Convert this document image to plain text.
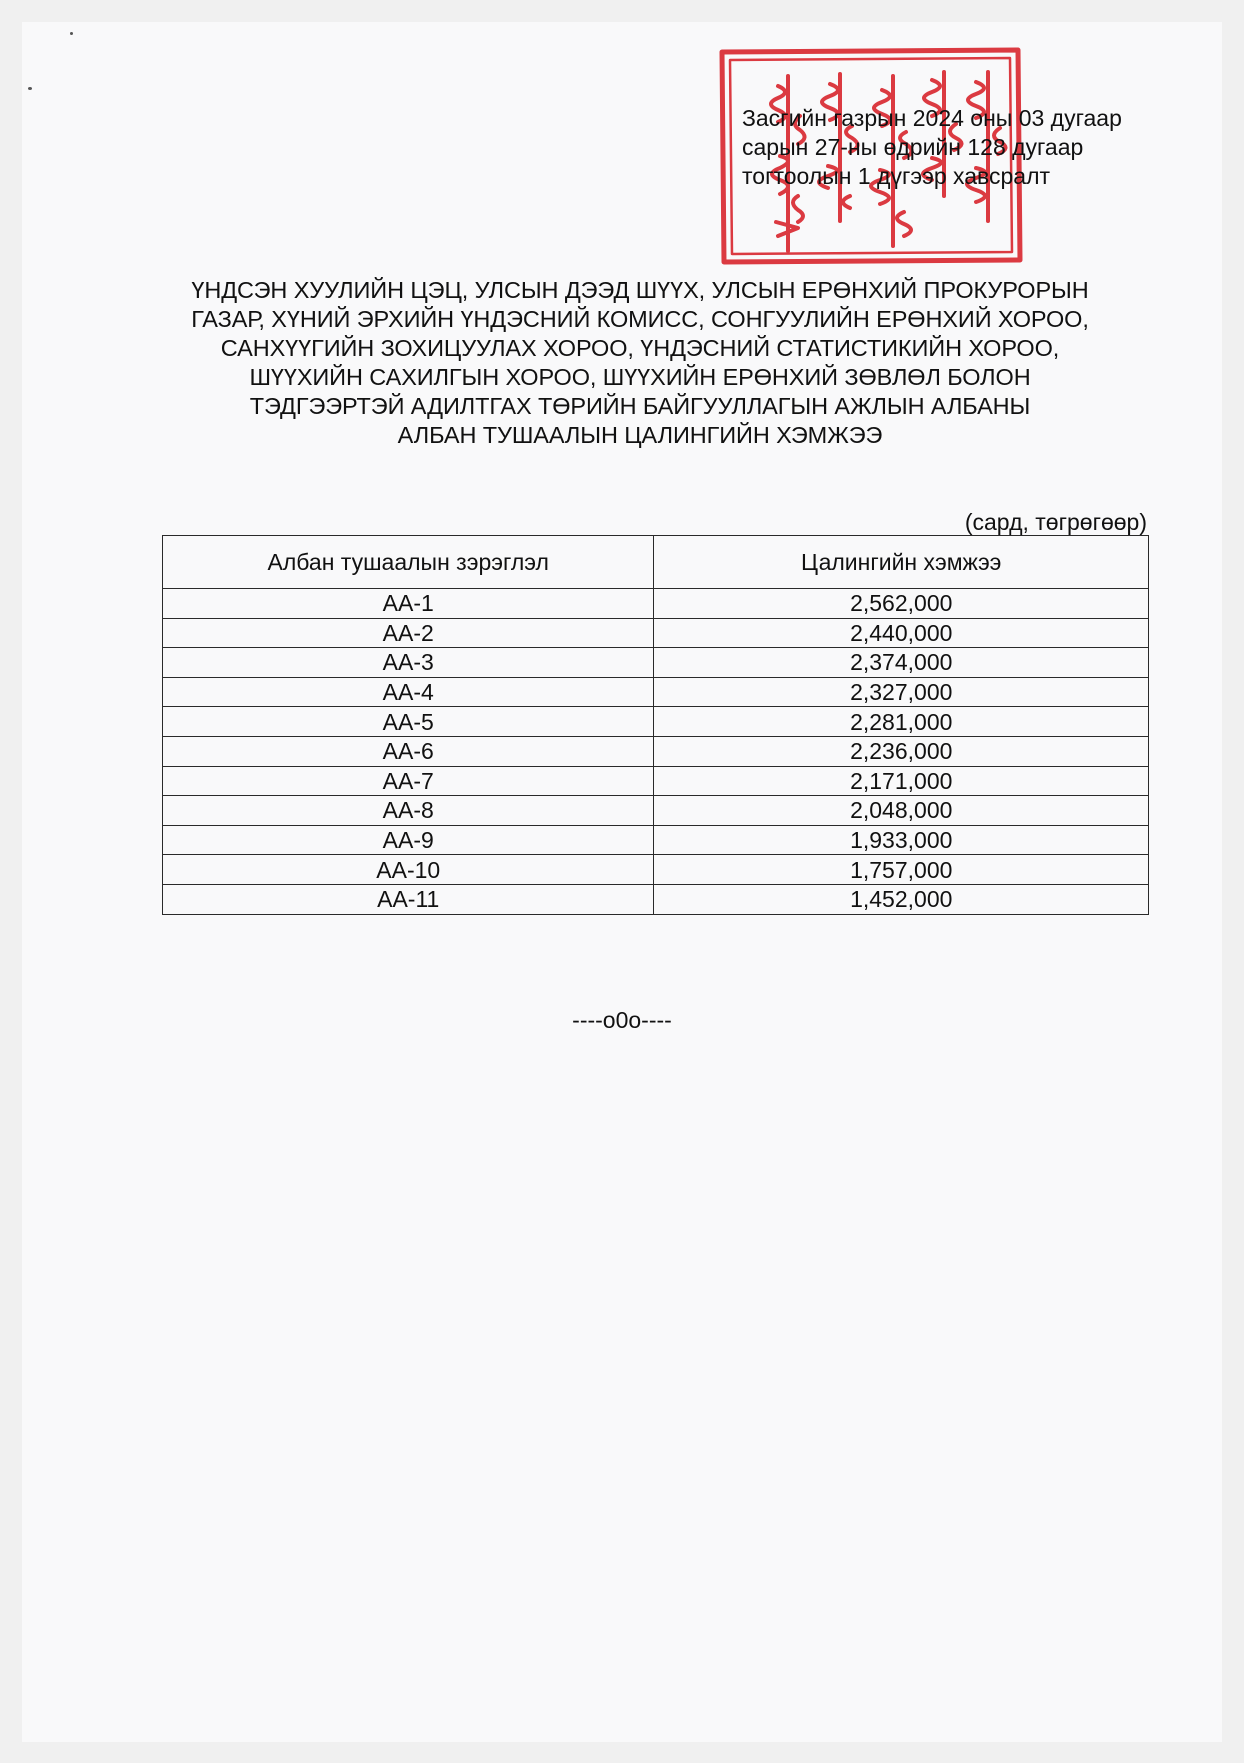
Засгийн газрын 2024 оны 03 дугаар
сарын 27-ны өдрийн 128 дугаар
тогтоолын 1 дүгээр хавсралт
ҮНДСЭН ХУУЛИЙН ЦЭЦ, УЛСЫН ДЭЭД ШҮҮХ, УЛСЫН ЕРӨНХИЙ ПРОКУРОРЫН
ГАЗАР, ХҮНИЙ ЭРХИЙН ҮНДЭСНИЙ КОМИСС, СОНГУУЛИЙН ЕРӨНХИЙ ХОРОО,
САНХҮҮГИЙН ЗОХИЦУУЛАХ ХОРОО, ҮНДЭСНИЙ СТАТИСТИКИЙН ХОРОО,
ШҮҮХИЙН САХИЛГЫН ХОРОО, ШҮҮХИЙН ЕРӨНХИЙ ЗӨВЛӨЛ БОЛОН
ТЭДГЭЭРТЭЙ АДИЛТГАХ ТӨРИЙН БАЙГУУЛЛАГЫН АЖЛЫН АЛБАНЫ
АЛБАН ТУШААЛЫН ЦАЛИНГИЙН ХЭМЖЭЭ
(сард, төгрөгөөр)
Албан тушаалын зэрэглэл	Цалингийн хэмжээ
АА-1	2,562,000
АА-2	2,440,000
АА-3	2,374,000
АА-4	2,327,000
АА-5	2,281,000
АА-6	2,236,000
АА-7	2,171,000
АА-8	2,048,000
АА-9	1,933,000
АА-10	1,757,000
АА-11	1,452,000
----o0o----
